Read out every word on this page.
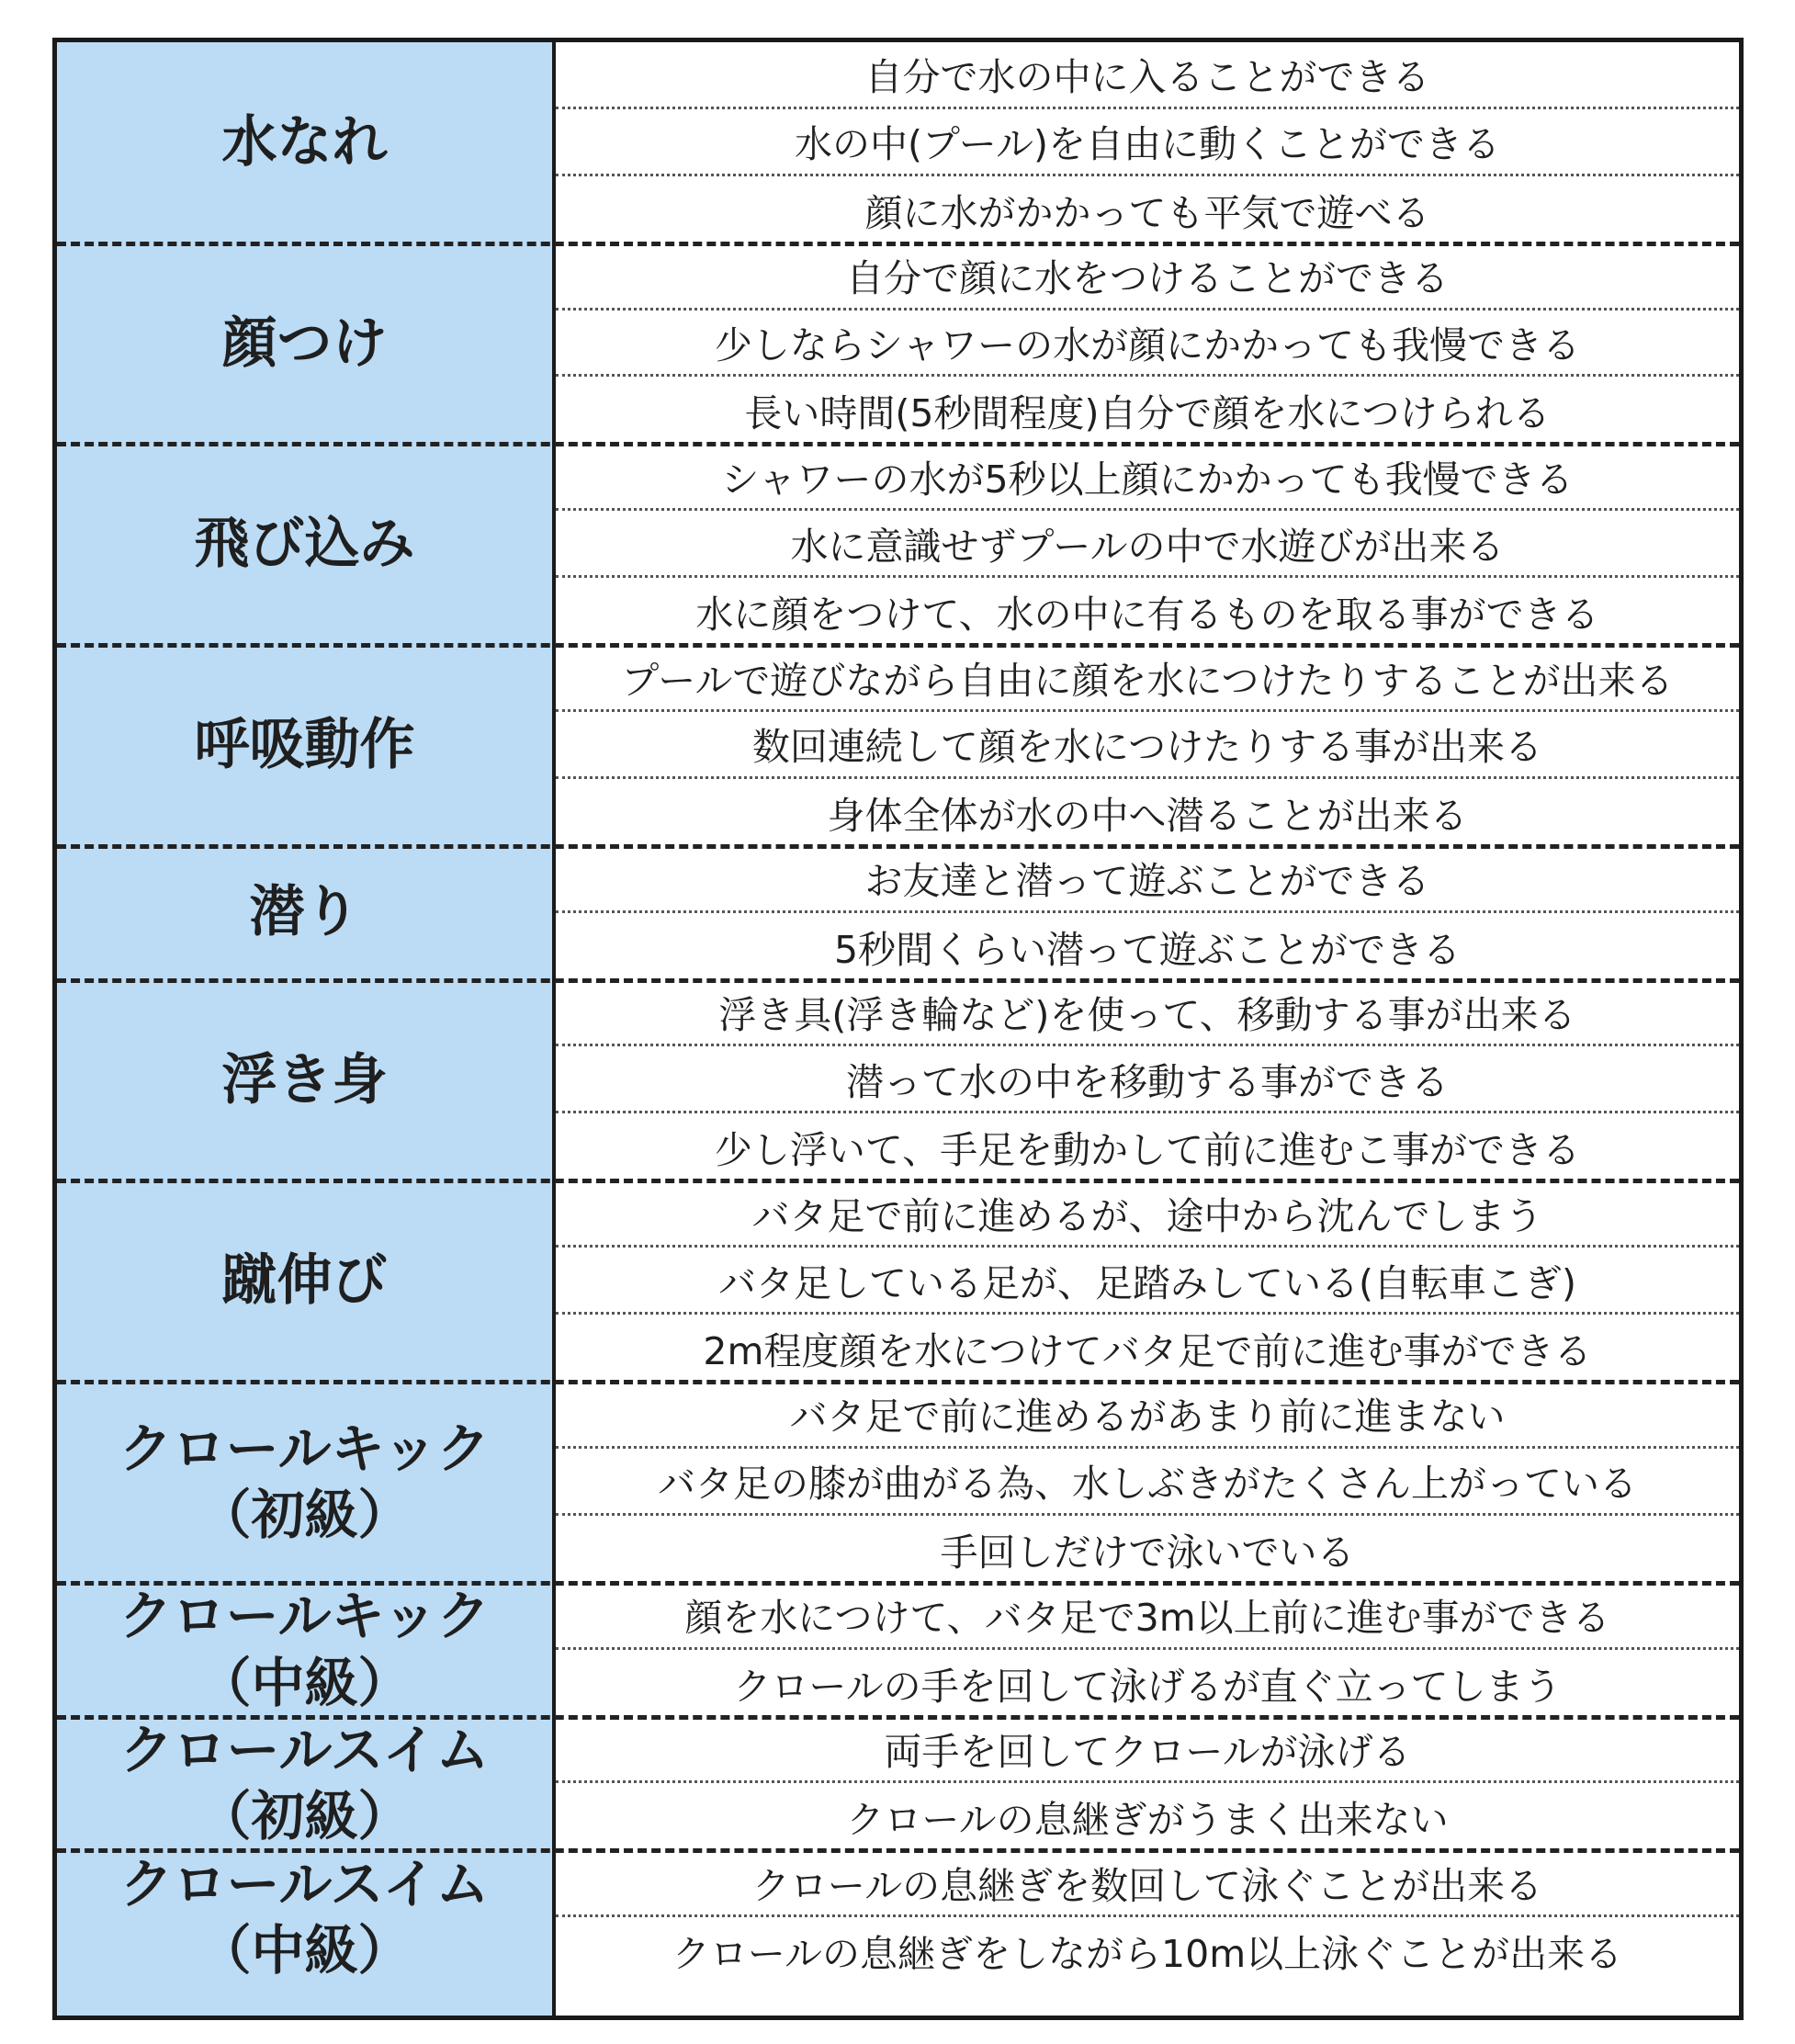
水なれ
顔つけ
飛び込み
呼吸動作
潜り
浮き身
蹴伸び
クロールキック
（初級）
クロールキック
（中級）
クロールスイム
（初級）
クロールスイム
（中級）
自分で水の中に入ることができる
水の中(プール)を自由に動くことができる
顔に水がかかっても平気で遊べる
自分で顔に水をつけることができる
少しならシャワーの水が顔にかかっても我慢できる
長い時間(5秒間程度)自分で顔を水につけられる
シャワーの水が5秒以上顔にかかっても我慢できる
水に意識せずプールの中で水遊びが出来る
水に顔をつけて、水の中に有るものを取る事ができる
プールで遊びながら自由に顔を水につけたりすることが出来る
数回連続して顔を水につけたりする事が出来る
身体全体が水の中へ潜ることが出来る
お友達と潜って遊ぶことができる
5秒間くらい潜って遊ぶことができる
浮き具(浮き輪など)を使って、移動する事が出来る
潜って水の中を移動する事ができる
少し浮いて、手足を動かして前に進むこ事ができる
バタ足で前に進めるが、途中から沈んでしまう
バタ足している足が、足踏みしている(自転車こぎ)
2m程度顔を水につけてバタ足で前に進む事ができる
バタ足で前に進めるがあまり前に進まない
バタ足の膝が曲がる為、水しぶきがたくさん上がっている
手回しだけで泳いでいる
顔を水につけて、バタ足で3m以上前に進む事ができる
クロールの手を回して泳げるが直ぐ立ってしまう
両手を回してクロールが泳げる
クロールの息継ぎがうまく出来ない
クロールの息継ぎを数回して泳ぐことが出来る
クロールの息継ぎをしながら10m以上泳ぐことが出来る
